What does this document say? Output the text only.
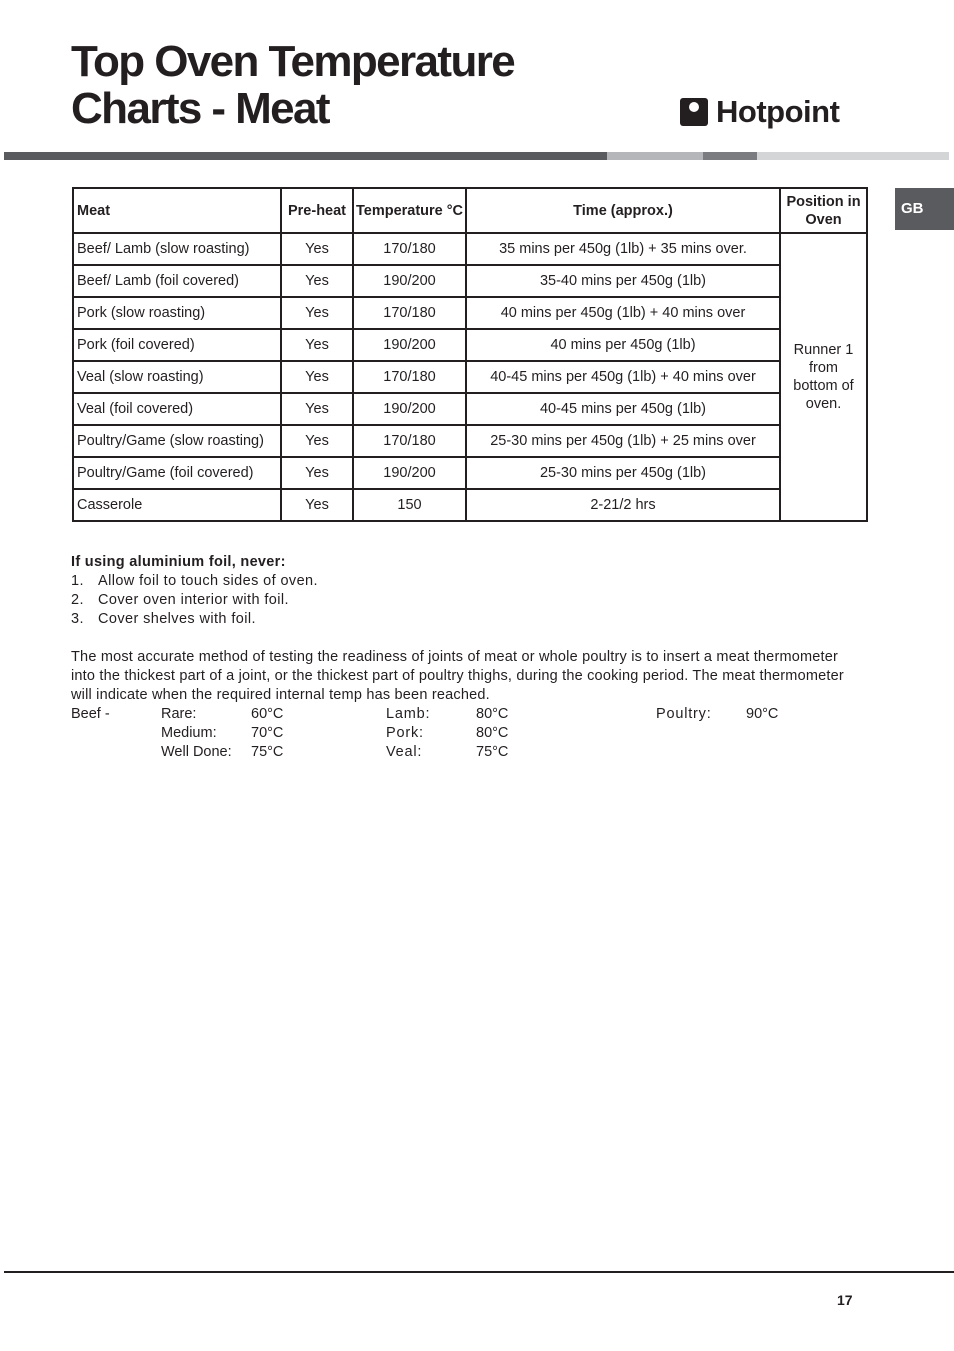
Top Oven Temperature
Charts - Meat	Hotpoint
GB
Meat	Pre-heat	Temperature °C	Time (approx.)	Position in Oven
Beef/ Lamb (slow roasting)	Yes	170/180	35 mins per 450g (1lb) + 35 mins over.	Runner 1
from
bottom of
oven.

Beef/ Lamb (foil covered)	Yes	190/200	35-40 mins per 450g (1lb)	
Pork (slow roasting)	Yes	170/180	40 mins per 450g (1lb) + 40 mins over	
Pork (foil covered)	Yes	190/200	40 mins per 450g (1lb)	
Veal (slow roasting)	Yes	170/180	40-45 mins per 450g (1lb) + 40 mins over	
Veal (foil covered)	Yes	190/200	40-45 mins per 450g (1lb)	
Poultry/Game (slow roasting)	Yes	170/180	25-30 mins per 450g (1lb) + 25 mins over	
Poultry/Game (foil covered)	Yes	190/200	25-30 mins per 450g (1lb)	
Casserole	Yes	150	2-21/2 hrs	
If using aluminium foil, never:
1. Allow foil to touch sides of oven.
2. Cover oven interior with foil.
3. Cover shelves with foil.

The most accurate method of testing the readiness of joints of meat or whole poultry is to insert a meat thermometer into the thickest part of a joint, or the thickest part of poultry thighs, during the cooking period. The meat thermometer will indicate when the required internal temp has been reached.

Beef -	Rare:	60°C
Medium: 70°C
Well Done: 75°C
Lamb:	80°C
Pork:	80°C
Veal:	75°C
Poultry: 90°C
17
